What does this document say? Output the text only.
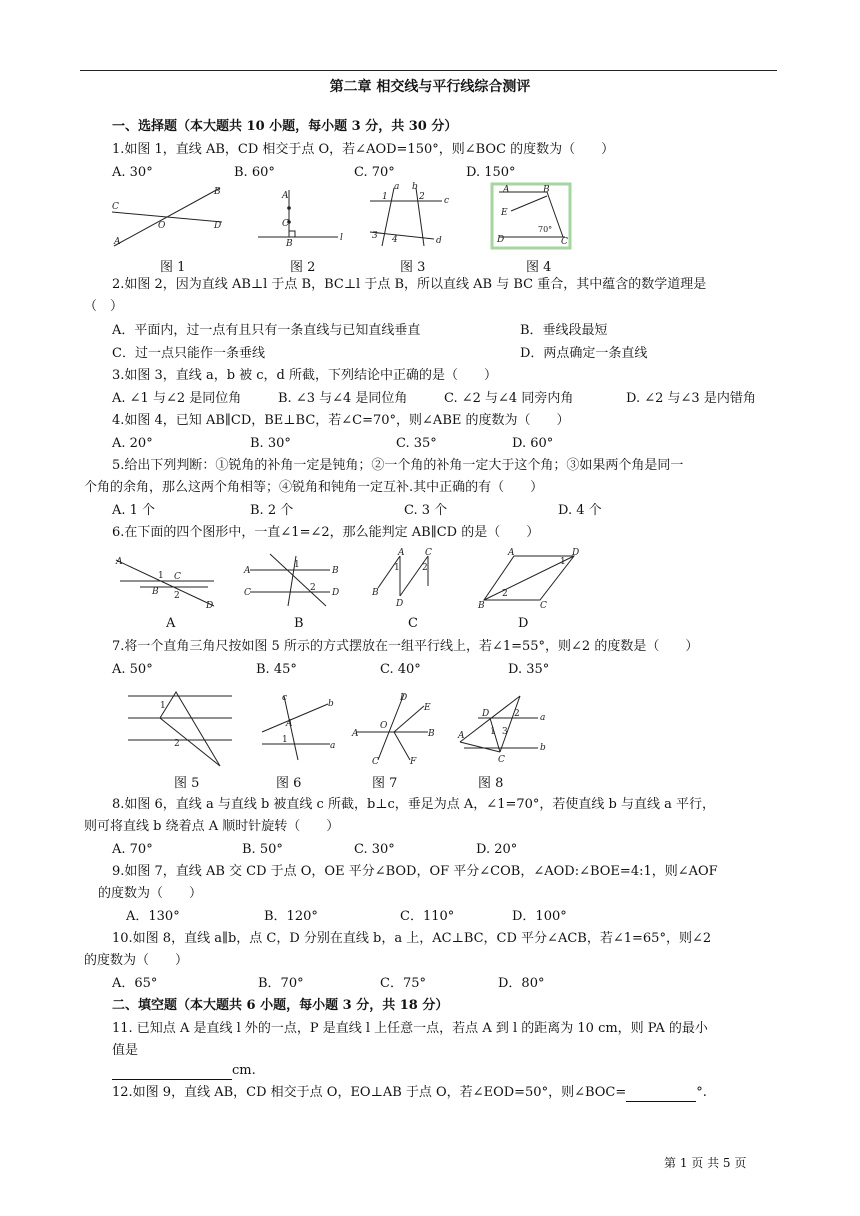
第二章 相交线与平行线综合测评
一、选择题（本大题共 10 小题，每小题 3 分，共 30 分）
1.如图 1，直线 AB，CD 相交于点 O，若∠AOD=150°，则∠BOC 的度数为（　　）
A. 30°	B. 60°	C. 70°	D. 150°
C
B
O	D
A
A
C
B
l
a b
c
d
1	2
3 4
A	B
E
D	C
70°
图 1	图 2	图 3	图 4
2.如图 2，因为直线 AB⊥l 于点 B，BC⊥l 于点 B，所以直线 AB 与 BC 重合，其中蕴含的数学道理是
（　）
A．平面内，过一点有且只有一条直线与已知直线垂直	B．垂线段最短
C．过一点只能作一条垂线	D．两点确定一条直线
3.如图 3，直线 a，b 被 c，d 所截，下列结论中正确的是（　　）
A. ∠1 与∠2 是同位角	B. ∠3 与∠4 是同位角	C. ∠2 与∠4 同旁内角	D. ∠2 与∠3 是内错角
4.如图 4，已知 AB∥CD，BE⊥BC，若∠C=70°，则∠ABE 的度数为（　　）
A. 20°	B. 30°	C. 35°	D. 60°
5.给出下列判断：①锐角的补角一定是钝角；②一个角的补角一定大于这个角；③如果两个角是同一
个角的余角，那么这两个角相等；④锐角和钝角一定互补.其中正确的有（　　）
A. 1 个	B. 2 个	C. 3 个	D. 4 个
6.在下面的四个图形中，一直∠1=∠2，那么能判定 AB∥CD 的是（　　）
A
1 C
B 2
D
A	B
C	D
1
2
A C
B
D
1 2
A	D
B	C
1
2
A	B	C	D
7.将一个直角三角尺按如图 5 所示的方式摆放在一组平行线上，若∠1=55°，则∠2 的度数是（　　）
A. 50°	B. 45°	C. 40°	D. 35°
1
2
c
b
A
1
a
D
E
A
O
B
C	F
D	2 a
A	1 3
C
b
图 5	图 6	图 7	图 8
8.如图 6，直线 a 与直线 b 被直线 c 所截，b⊥c，垂足为点 A，∠1=70°，若使直线 b 与直线 a 平行，
则可将直线 b 绕着点 A 顺时针旋转（　　）
A. 70°	B. 50°	C. 30°	D. 20°
9.如图 7，直线 AB 交 CD 于点 O，OE 平分∠BOD，OF 平分∠COB，∠AOD:∠BOE=4:1，则∠AOF
的度数为（　　）
A．130°	B．120°	C．110°	D．100°
10.如图 8，直线 a∥b，点 C，D 分别在直线 b，a 上，AC⊥BC，CD 平分∠ACB，若∠1=65°，则∠2
的度数为（　　）
A．65°	B．70°	C．75°	D．80°
二、填空题（本大题共 6 小题，每小题 3 分，共 18 分）
11. 已知点 A 是直线 l 外的一点，P 是直线 l 上任意一点，若点 A 到 l 的距离为 10 cm，则 PA 的最小
值是
cm.
12.如图 9，直线 AB，CD 相交于点 O，EO⊥AB 于点 O，若∠EOD=50°，则∠BOC=	°.
第 1 页 共 5 页
